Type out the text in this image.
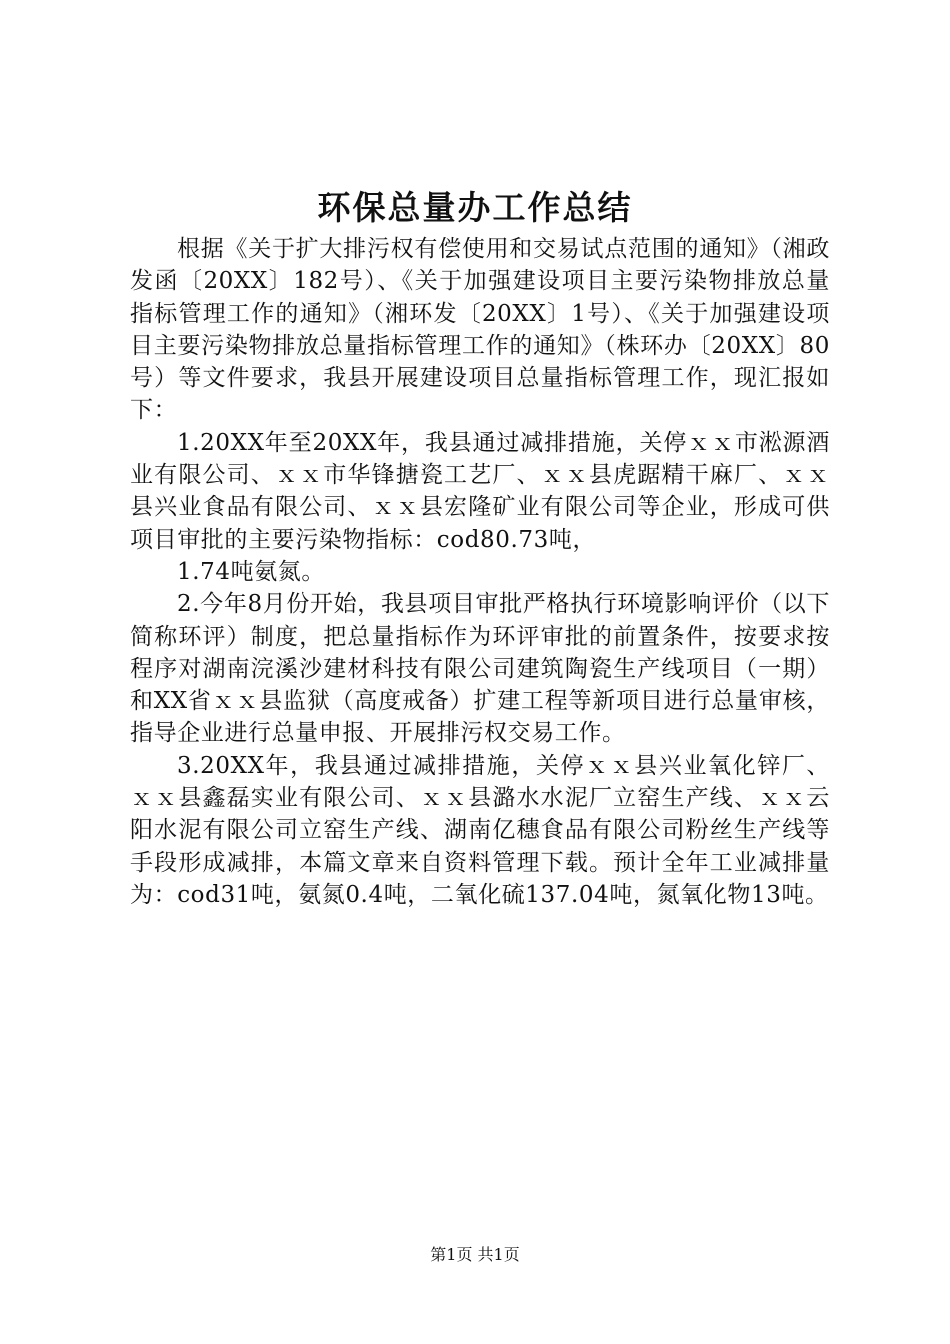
环保总量办工作总结

根据《关于扩大排污权有偿使用和交易试点范围的通知》（湘政发函〔20XX〕182号）、《关于加强建设项目主要污染物排放总量指标管理工作的通知》（湘环发〔20XX〕1号）、《关于加强建设项目主要污染物排放总量指标管理工作的通知》（株环办〔20XX〕80号）等文件要求，我县开展建设项目总量指标管理工作，现汇报如下：

1.20XX年至20XX年，我县通过减排措施，关停ｘｘ市淞源酒业有限公司、ｘｘ市华锋搪瓷工艺厂、ｘｘ县虎踞精干麻厂、ｘｘ县兴业食品有限公司、ｘｘ县宏隆矿业有限公司等企业，形成可供项目审批的主要污染物指标：cod80.73吨，

1.74吨氨氮。

2.今年8月份开始，我县项目审批严格执行环境影响评价（以下简称环评）制度，把总量指标作为环评审批的前置条件，按要求按程序对湖南浣溪沙建材科技有限公司建筑陶瓷生产线项目（一期）和XX省ｘｘ县监狱（高度戒备）扩建工程等新项目进行总量审核，指导企业进行总量申报、开展排污权交易工作。

3.20XX年，我县通过减排措施，关停ｘｘ县兴业氧化锌厂、ｘｘ县鑫磊实业有限公司、ｘｘ县潞水水泥厂立窑生产线、ｘｘ云阳水泥有限公司立窑生产线、湖南亿穗食品有限公司粉丝生产线等手段形成减排，本篇文章来自资料管理下载。预计全年工业减排量为：cod31吨，氨氮0.4吨，二氧化硫137.04吨，氮氧化物13吨。

第1页 共1页
